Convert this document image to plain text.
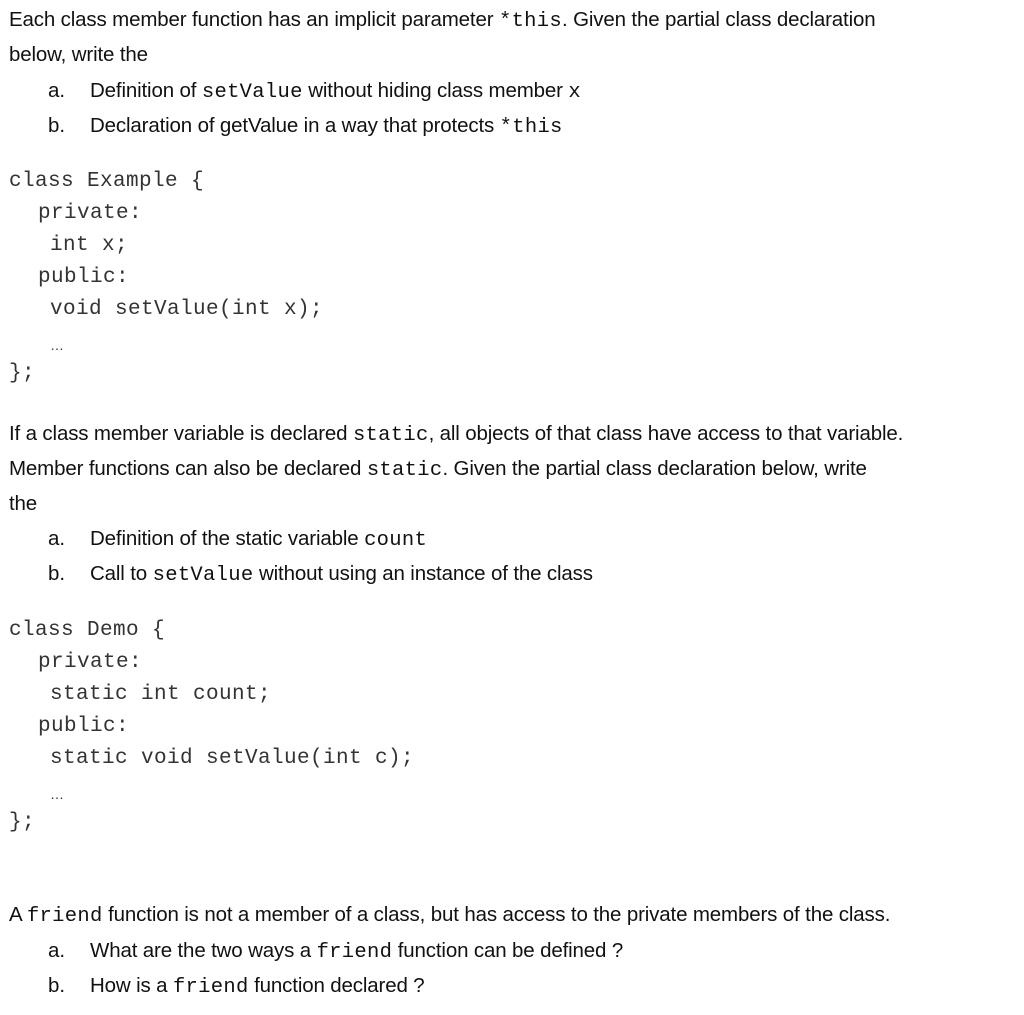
Each class member function has an implicit parameter *this. Given the partial class declaration
below, write the
a. Definition of setValue without hiding class member x
b. Declaration of getValue in a way that protects *this
class Example {
private:
int x;
public:
void setValue(int x);
…
};
If a class member variable is declared static, all objects of that class have access to that variable.
Member functions can also be declared static. Given the partial class declaration below, write
the
a. Definition of the static variable count
b. Call to setValue without using an instance of the class
class Demo {
private:
static int count;
public:
static void setValue(int c);
…
};
A friend function is not a member of a class, but has access to the private members of the class.
a. What are the two ways a friend function can be defined ?
b. How is a friend function declared ?
